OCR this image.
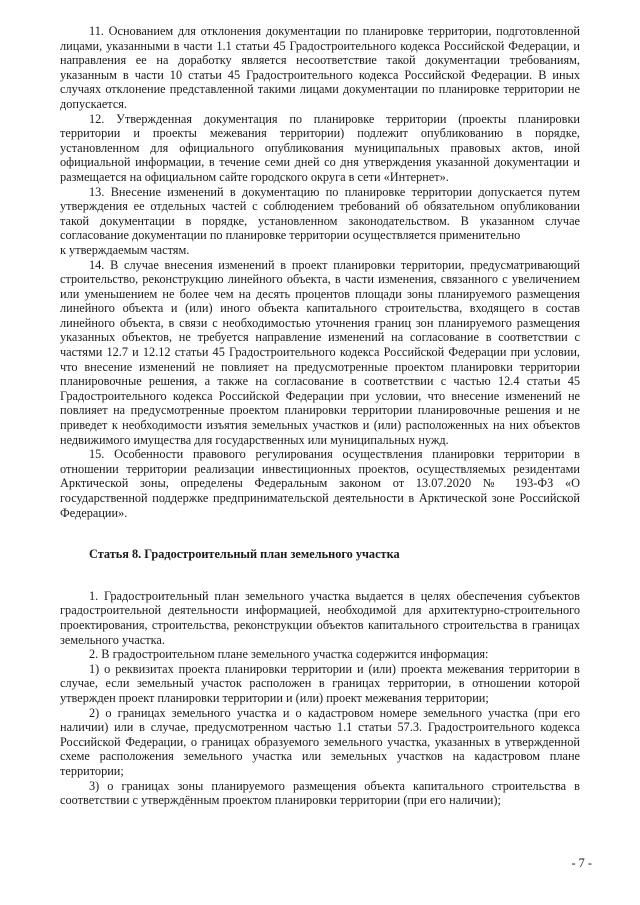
11. Основанием для отклонения документации по планировке территории, подготовленной лицами, указанными в части 1.1 статьи 45 Градостроительного кодекса Российской Федерации, и направления ее на доработку является несоответствие такой документации требованиям, указанным в части 10 статьи 45 Градостроительного кодекса Российской Федерации. В иных случаях отклонение представленной такими лицами документации по планировке территории не допускается.

12. Утвержденная документация по планировке территории (проекты планировки территории и проекты межевания территории) подлежит опубликованию в порядке, установленном для официального опубликования муниципальных правовых актов, иной официальной информации, в течение семи дней со дня утверждения указанной документации и размещается на официальном сайте городского округа в сети «Интернет».

13. Внесение изменений в документацию по планировке территории допускается путем утверждения ее отдельных частей с соблюдением требований об обязательном опубликовании такой документации в порядке, установленном законодательством. В указанном случае согласование документации по планировке территории осуществляется применительно

к утверждаемым частям.

14. В случае внесения изменений в проект планировки территории, предусматривающий строительство, реконструкцию линейного объекта, в части изменения, связанного с увеличением или уменьшением не более чем на десять процентов площади зоны планируемого размещения линейного объекта и (или) иного объекта капитального строительства, входящего в состав линейного объекта, в связи с необходимостью уточнения границ зон планируемого размещения указанных объектов, не требуется направление изменений на согласование в соответствии с частями 12.7 и 12.12 статьи 45 Градостроительного кодекса Российской Федерации при условии, что внесение изменений не повлияет на предусмотренные проектом планировки территории планировочные решения, а также на согласование в соответствии с частью 12.4 статьи 45 Градостроительного кодекса Российской Федерации при условии, что внесение изменений не повлияет на предусмотренные проектом планировки территории планировочные решения и не приведет к необходимости изъятия земельных участков и (или) расположенных на них объектов недвижимого имущества для государственных или муниципальных нужд.

15. Особенности правового регулирования осуществления планировки территории в отношении территории реализации инвестиционных проектов, осуществляемых резидентами Арктической зоны, определены Федеральным законом от 13.07.2020 № 193-ФЗ «О государственной поддержке предпринимательской деятельности в Арктической зоне Российской Федерации».

Статья 8. Градостроительный план земельного участка

1. Градостроительный план земельного участка выдается в целях обеспечения субъектов градостроительной деятельности информацией, необходимой для архитектурно-строительного проектирования, строительства, реконструкции объектов капитального строительства в границах земельного участка.

2. В градостроительном плане земельного участка содержится информация:

1) о реквизитах проекта планировки территории и (или) проекта межевания территории в случае, если земельный участок расположен в границах территории, в отношении которой утвержден проект планировки территории и (или) проект межевания территории;

2) о границах земельного участка и о кадастровом номере земельного участка (при его наличии) или в случае, предусмотренном частью 1.1 статьи 57.3. Градостроительного кодекса Российской Федерации, о границах образуемого земельного участка, указанных в утвержденной схеме расположения земельного участка или земельных участков на кадастровом плане территории;

3) о границах зоны планируемого размещения объекта капитального строительства в соответствии с утверждённым проектом планировки территории (при его наличии);

- 7 -
